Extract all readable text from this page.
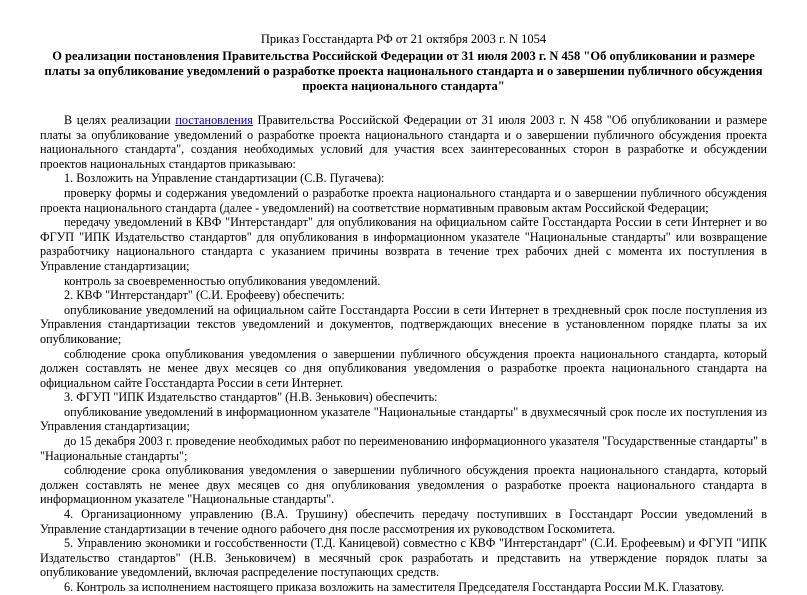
Приказ Госстандарта РФ от 21 октября 2003 г. N 1054

О реализации постановления Правительства Российской Федерации от 31 июля 2003 г. N 458 "Об опубликовании и размере платы за опубликование уведомлений о разработке проекта национального стандарта и о завершении публичного обсуждения проекта национального стандарта"

В целях реализации постановления Правительства Российской Федерации от 31 июля 2003 г. N 458 "Об опубликовании и размере платы за опубликование уведомлений о разработке проекта национального стандарта и о завершении публичного обсуждения проекта национального стандарта", создания необходимых условий для участия всех заинтересованных сторон в разработке и обсуждении проектов национальных стандартов приказываю:

1. Возложить на Управление стандартизации (С.В. Пугачева):

проверку формы и содержания уведомлений о разработке проекта национального стандарта и о завершении публичного обсуждения проекта национального стандарта (далее - уведомлений) на соответствие нормативным правовым актам Российской Федерации;

передачу уведомлений в КВФ "Интерстандарт" для опубликования на официальном сайте Госстандарта России в сети Интернет и во ФГУП "ИПК Издательство стандартов" для опубликования в информационном указателе "Национальные стандарты" или возвращение разработчику национального стандарта с указанием причины возврата в течение трех рабочих дней с момента их поступления в Управление стандартизации;

контроль за своевременностью опубликования уведомлений.

2. КВФ "Интерстандарт" (С.И. Ерофееву) обеспечить:

опубликование уведомлений на официальном сайте Госстандарта России в сети Интернет в трехдневный срок после поступления из Управления стандартизации текстов уведомлений и документов, подтверждающих внесение в установленном порядке платы за их опубликование;

соблюдение срока опубликования уведомления о завершении публичного обсуждения проекта национального стандарта, который должен составлять не менее двух месяцев со дня опубликования уведомления о разработке проекта национального стандарта на официальном сайте Госстандарта России в сети Интернет.

3. ФГУП "ИПК Издательство стандартов" (Н.В. Зенькович) обеспечить:

опубликование уведомлений в информационном указателе "Национальные стандарты" в двухмесячный срок после их поступления из Управления стандартизации;

до 15 декабря 2003 г. проведение необходимых работ по переименованию информационного указателя "Государственные стандарты" в "Национальные стандарты";

соблюдение срока опубликования уведомления о завершении публичного обсуждения проекта национального стандарта, который должен составлять не менее двух месяцев со дня опубликования уведомления о разработке проекта национального стандарта в информационном указателе "Национальные стандарты".

4. Организационному управлению (В.А. Трушину) обеспечить передачу поступивших в Госстандарт России уведомлений в Управление стандартизации в течение одного рабочего дня после рассмотрения их руководством Госкомитета.

5. Управлению экономики и госсобственности (Т.Д. Каницевой) совместно с КВФ "Интерстандарт" (С.И. Ерофеевым) и ФГУП "ИПК Издательство стандартов" (Н.В. Зеньковичем) в месячный срок разработать и представить на утверждение порядок платы за опубликование уведомлений, включая распределение поступающих средств.

6. Контроль за исполнением настоящего приказа возложить на заместителя Председателя Госстандарта России М.К. Глазатову.
